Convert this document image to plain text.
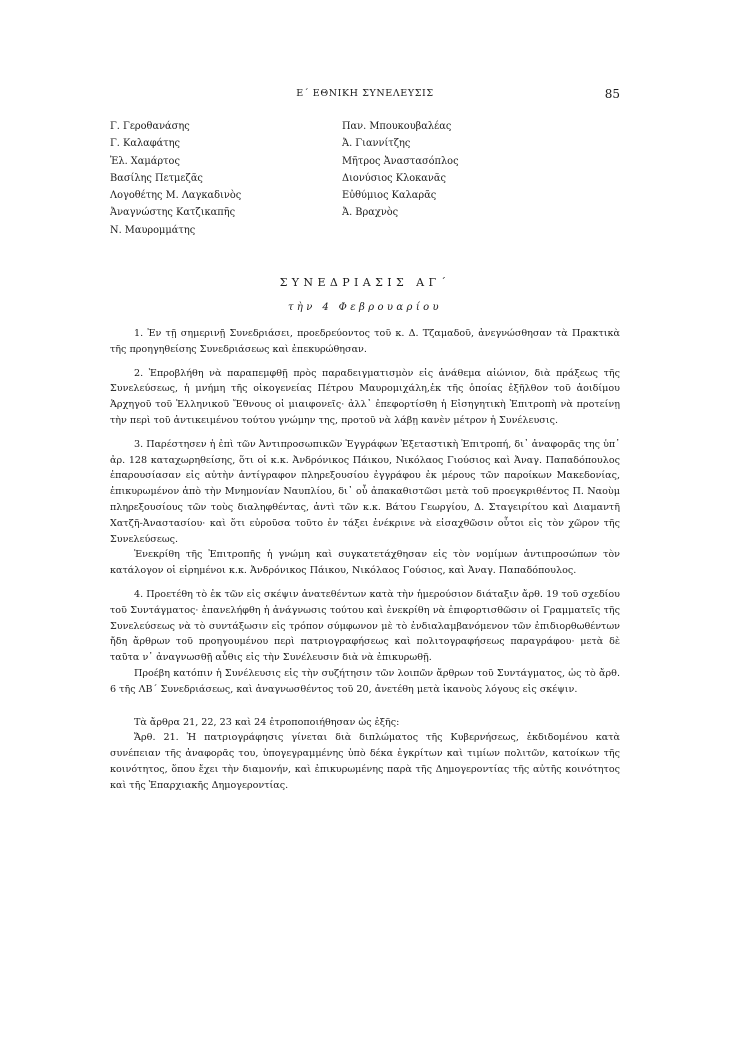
Ε΄ ΕΘΝΙΚΗ ΣΥΝΕΛΕΥΣΙΣ	85
Γ. Γεροθανάσης
Γ. Καλαφάτης
Ἐλ. Χαμάρτος
Βασίλης Πετμεζᾶς
Λογοθέτης Μ. Λαγκαδινὸς
Ἀναγνώστης Κατζικαπῆς
Ν. Μαυρομμάτης
Παν. Μπουκουβαλέας
Ἀ. Γιαννίτζης
Μῆτρος Ἀναστασόπλος
Διονύσιος Κλοκανᾶς
Εὐθύμιος Καλαρᾶς
Ἀ. Βραχνὸς
ΣΥΝΕΔΡΙΑΣΙΣ ΑΓ΄
τὴν 4 Φεβρουαρίου

1. Ἐν τῇ σημερινῇ Συνεδριάσει, προεδρεύοντος τοῦ κ. Δ. Τζαμαδοῦ, ἀνεγνώσθησαν τὰ Πρακτικὰ τῆς προηγηθείσης Συνεδριάσεως καὶ ἐπεκυρώθησαν.

2. Ἐπροβλήθη νὰ παραπεμφθῇ πρὸς παραδειγματισμὸν εἰς ἀνάθεμα αἰώνιον, διὰ πράξεως τῆς Συνελεύσεως, ἡ μνήμη τῆς οἰκογενείας Πέτρου Μαυρομιχάλη,ἐκ τῆς ὁποίας ἐξῆλθον τοῦ ἀοιδίμου Ἀρχηγοῦ τοῦ Ἑλληνικοῦ Ἔθνους οἱ μιαιφονεῖς· ἀλλ᾽ ἐπεφορτίσθη ἡ Εἰσηγητικὴ Ἐπιτροπὴ νὰ προτείνῃ τὴν περὶ τοῦ ἀντικειμένου τούτου γνώμην της, προτοῦ νὰ λάβῃ κανὲν μέτρον ἡ Συνέλευσις.

3. Παρέστησεν ἡ ἐπὶ τῶν Ἀντιπροσωπικῶν Ἐγγράφων Ἐξεταστικὴ Ἐπιτροπή, δι᾽ ἀναφορᾶς της ὑπ᾽ ἀρ. 128 καταχωρηθείσης, ὅτι οἱ κ.κ. Ἀνδρόνικος Πάικου, Νικόλαος Γιούσιος καὶ Ἀναγ. Παπαδόπουλος ἐπαρουσίασαν εἰς αὐτὴν ἀντίγραφον πληρεξουσίου ἐγγράφου ἐκ μέρους τῶν παροίκων Μακεδονίας, ἐπικυρωμένον ἀπὸ τὴν Μνημονίαν Ναυπλίου, δι᾽ οὗ ἀπακαθιστῶσι μετὰ τοῦ προεγκριθέντος Π. Ναοὺμ πληρεξουσίους τῶν τοὺς διαληφθέντας, ἀντὶ τῶν κ.κ. Βάτου Γεωργίου, Δ. Σταγειρίτου καὶ Διαμαντῆ Χατζῆ-Ἀναστασίου· καὶ ὅτι εὑροῦσα τοῦτο ἐν τάξει ἐνέκρινε νὰ εἰσαχθῶσιν οὗτοι εἰς τὸν χῶρον τῆς Συνελεύσεως.

Ἐνεκρίθη τῆς Ἐπιτροπῆς ἡ γνώμη καὶ συγκατετάχθησαν εἰς τὸν νομίμων ἀντιπροσώπων τὸν κατάλογον οἱ εἰρημένοι κ.κ. Ἀνδρόνικος Πάικου, Νικόλαος Γούσιος, καὶ Ἀναγ. Παπαδόπουλος.

4. Προετέθη τὸ ἐκ τῶν εἰς σκέψιν ἀνατεθέντων κατὰ τὴν ἡμερούσιον διάταξιν ἄρθ. 19 τοῦ σχεδίου τοῦ Συντάγματος· ἐπανελήφθη ἡ ἀνάγνωσις τούτου καὶ ἐνεκρίθη νὰ ἐπιφορτισθῶσιν οἱ Γραμματεῖς τῆς Συνελεύσεως νὰ τὸ συντάξωσιν εἰς τρόπον σύμφωνον μὲ τὸ ἐνδιαλαμβανόμενον τῶν ἐπιδιορθωθέντων ἤδη ἄρθρων τοῦ προηγουμένου περὶ πατριογραφήσεως καὶ πολιτογραφήσεως παραγράφου· μετὰ δὲ ταῦτα ν᾽ ἀναγνωσθῇ αὖθις εἰς τὴν Συνέλευσιν διὰ νὰ ἐπικυρωθῇ.

Προέβη κατόπιν ἡ Συνέλευσις εἰς τὴν συζήτησιν τῶν λοιπῶν ἄρθρων τοῦ Συντάγματος, ὡς τὸ ἄρθ. 6 τῆς ΛΒ΄ Συνεδριάσεως, καὶ ἀναγνωσθέντος τοῦ 20, ἀνετέθη μετὰ ἱκανοὺς λόγους εἰς σκέψιν.

Τὰ ἄρθρα 21, 22, 23 καὶ 24 ἐτροποποιήθησαν ὡς ἑξῆς:

Ἄρθ. 21. Ἡ πατριογράφησις γίνεται διὰ διπλώματος τῆς Κυβερνήσεως, ἐκδιδομένου κατὰ συνέπειαν τῆς ἀναφορᾶς του, ὑπογεγραμμένης ὑπὸ δέκα ἐγκρίτων καὶ τιμίων πολιτῶν, κατοίκων τῆς κοινότητος, ὅπου ἔχει τὴν διαμονήν, καὶ ἐπικυρωμένης παρὰ τῆς Δημογεροντίας τῆς αὐτῆς κοινότητος καὶ τῆς Ἐπαρχιακῆς Δημογεροντίας.
